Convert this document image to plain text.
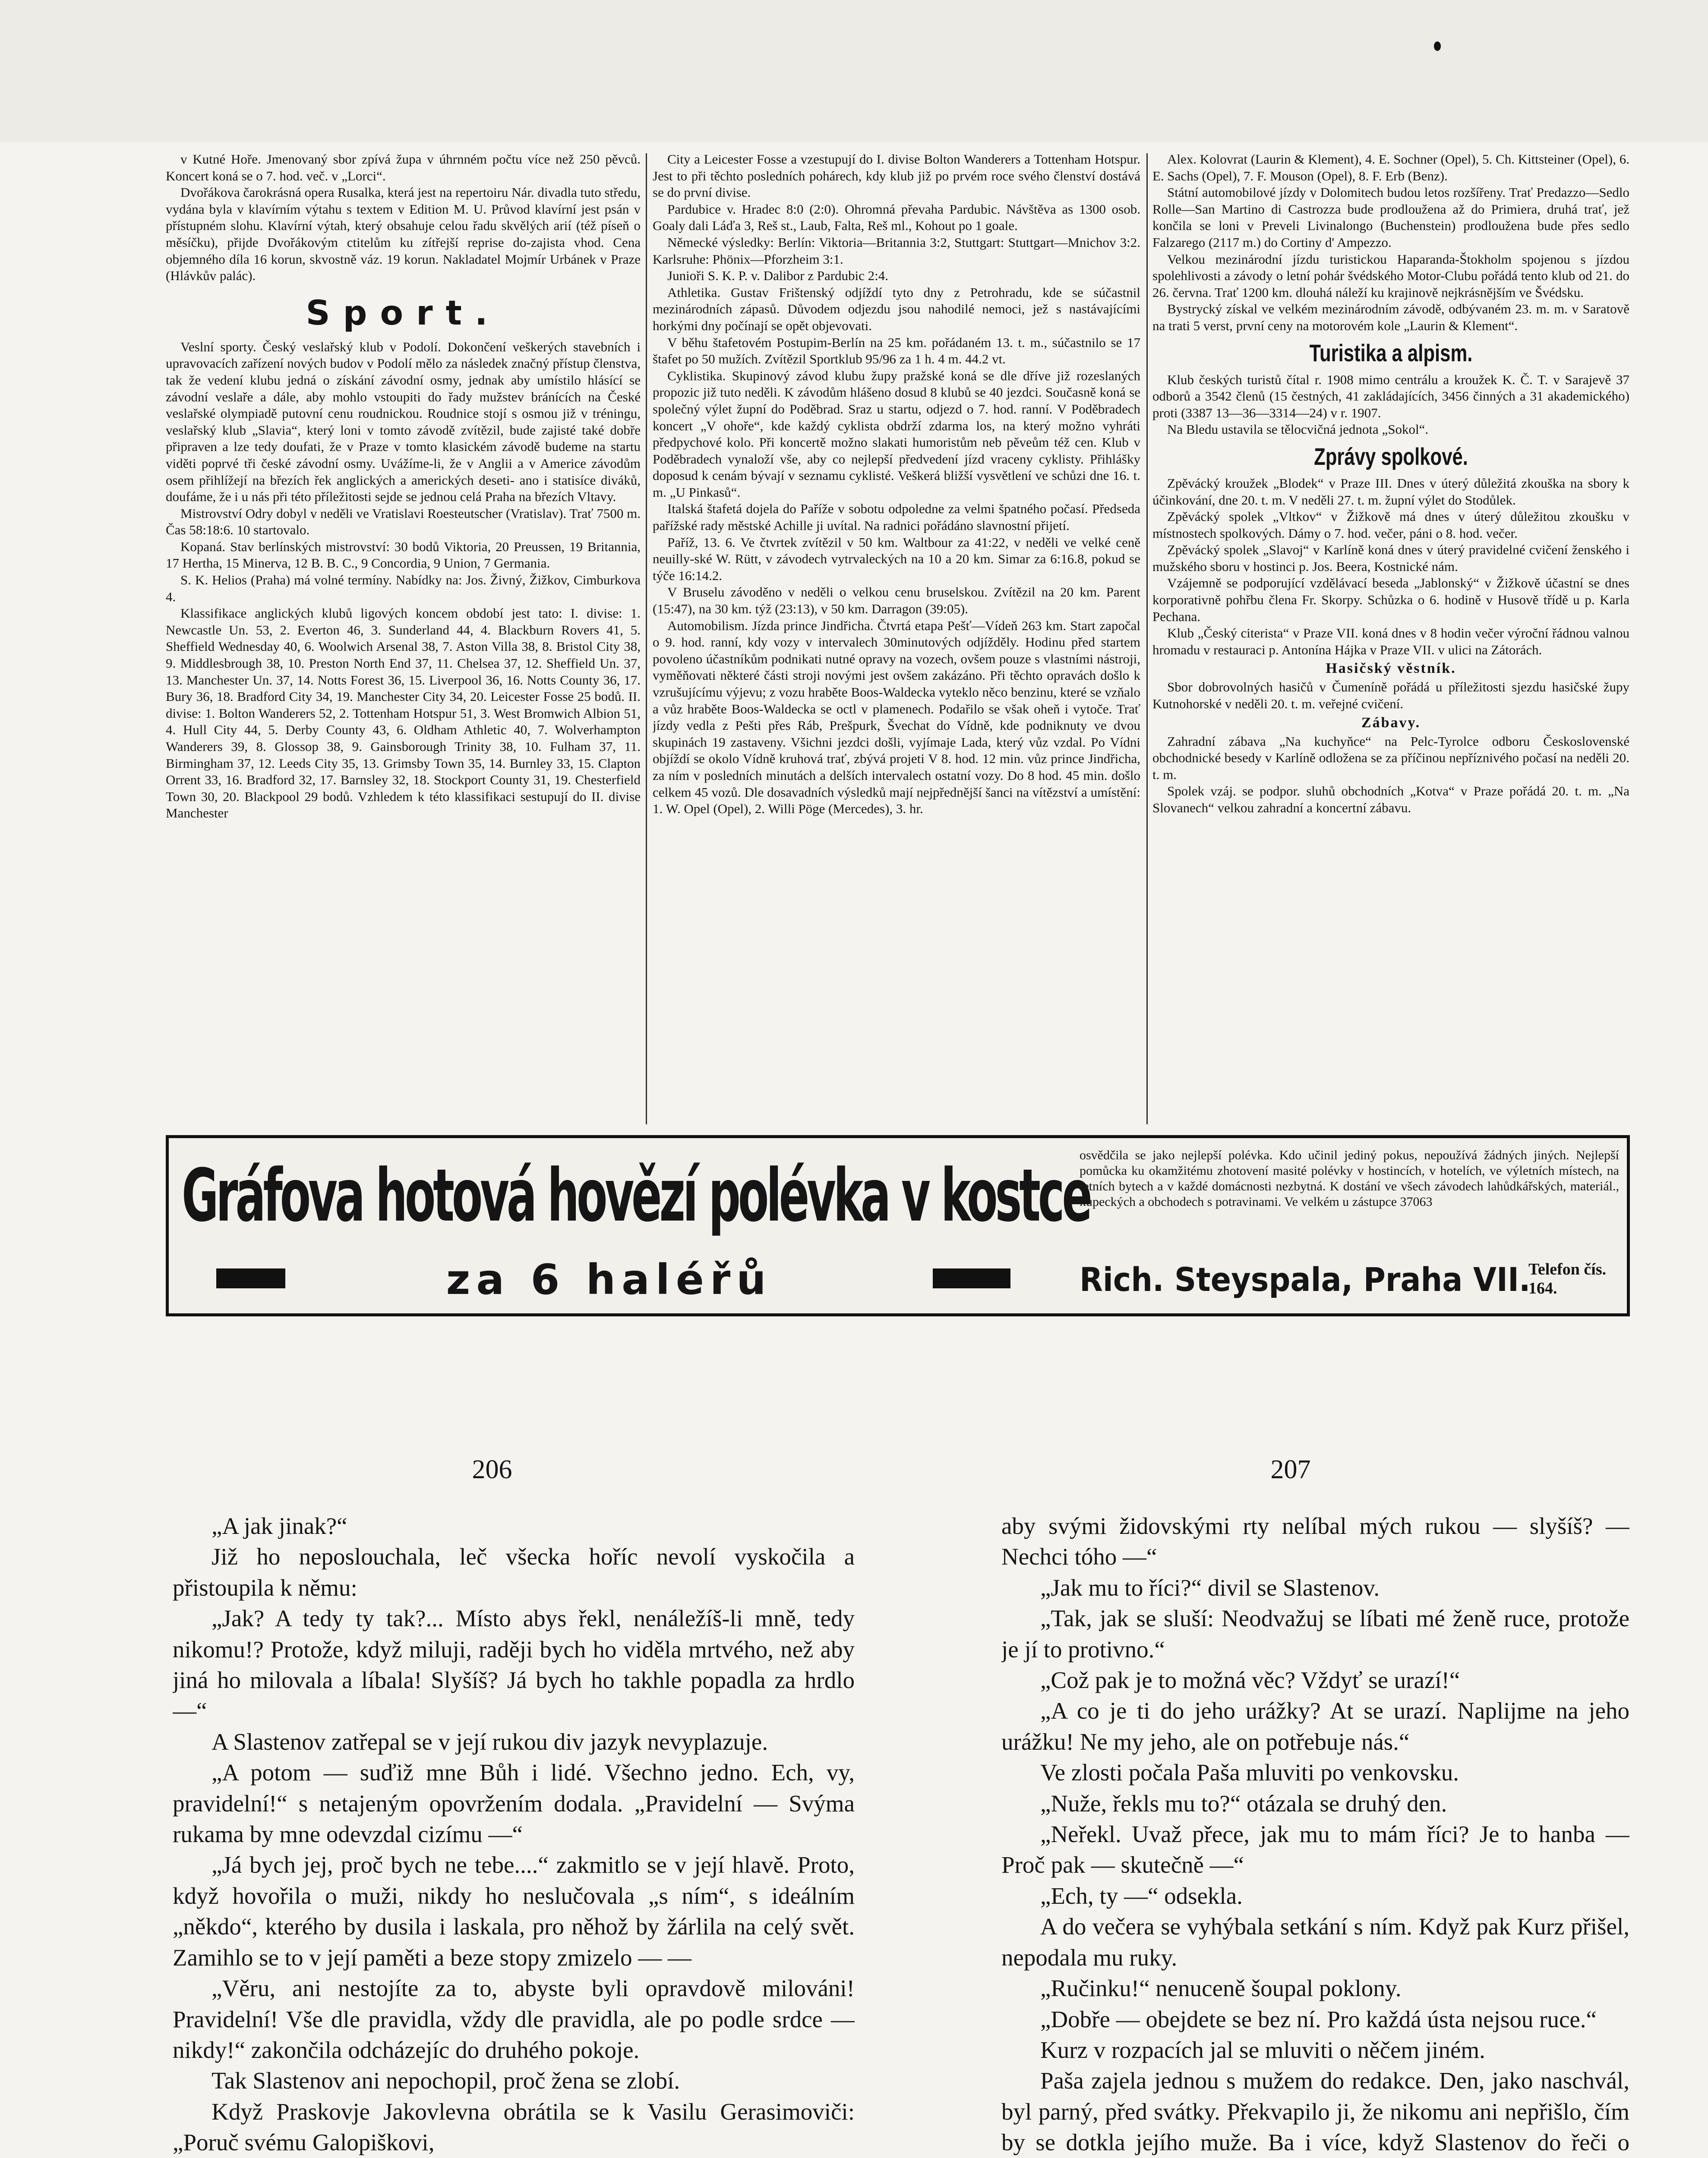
v Kutné Hoře. Jmenovaný sbor zpívá župa v úhrnném počtu více než 250 pěvců. Koncert koná se o 7. hod. več. v „Lorci“.

Dvořákova čarokrásná opera Rusalka, která jest na repertoiru Nár. divadla tuto středu, vydána byla v klavírním výtahu s textem v Edition M. U. Průvod klavírní jest psán v přístupném slohu. Klavírní výtah, který obsahuje celou řadu skvělých arií (též píseň o měsíčku), přijde Dvořákovým ctitelům ku zítřejší reprise do-zajista vhod. Cena objemného díla 16 korun, skvostně váz. 19 korun. Nakladatel Mojmír Urbánek v Praze (Hlávkův palác).

Sport.

Veslní sporty. Český veslařský klub v Podolí. Dokončení veškerých stavebních i upravovacích zařízení nových budov v Podolí mělo za následek značný přístup členstva, tak že vedení klubu jedná o získání závodní osmy, jednak aby umístilo hlásící se závodní veslaře a dále, aby mohlo vstoupiti do řady mužstev bránících na České veslařské olympiadě putovní cenu roudnickou. Roudnice stojí s osmou již v tréningu, veslařský klub „Slavia“, který loni v tomto závodě zvítězil, bude zajisté také dobře připraven a lze tedy doufati, že v Praze v tomto klasickém závodě budeme na startu viděti poprvé tři české závodní osmy. Uvážíme-li, že v Anglii a v Americe závodům osem přihlížejí na březích řek anglických a amerických deseti- ano i statisíce diváků, doufáme, že i u nás při této příležitosti sejde se jednou celá Praha na březích Vltavy.

Mistrovství Odry dobyl v neděli ve Vratislavi Roesteutscher (Vratislav). Trať 7500 m. Čas 58:18:6. 10 startovalo.

Kopaná. Stav berlínských mistrovství: 30 bodů Viktoria, 20 Preussen, 19 Britannia, 17 Hertha, 15 Minerva, 12 B. B. C., 9 Concordia, 9 Union, 7 Germania.

S. K. Helios (Praha) má volné termíny. Nabídky na: Jos. Živný, Žižkov, Cimburkova 4.

Klassifikace anglických klubů ligových koncem období jest tato: I. divise: 1. Newcastle Un. 53, 2. Everton 46, 3. Sunderland 44, 4. Blackburn Rovers 41, 5. Sheffield Wednesday 40, 6. Woolwich Arsenal 38, 7. Aston Villa 38, 8. Bristol City 38, 9. Middlesbrough 38, 10. Preston North End 37, 11. Chelsea 37, 12. Sheffield Un. 37, 13. Manchester Un. 37, 14. Notts Forest 36, 15. Liverpool 36, 16. Notts County 36, 17. Bury 36, 18. Bradford City 34, 19. Manchester City 34, 20. Leicester Fosse 25 bodů. II. divise: 1. Bolton Wanderers 52, 2. Tottenham Hotspur 51, 3. West Bromwich Albion 51, 4. Hull City 44, 5. Derby County 43, 6. Oldham Athletic 40, 7. Wolverhampton Wanderers 39, 8. Glossop 38, 9. Gainsborough Trinity 38, 10. Fulham 37, 11. Birmingham 37, 12. Leeds City 35, 13. Grimsby Town 35, 14. Burnley 33, 15. Clapton Orrent 33, 16. Bradford 32, 17. Barnsley 32, 18. Stockport County 31, 19. Chesterfield Town 30, 20. Blackpool 29 bodů. Vzhledem k této klassifikaci sestupují do II. divise Manchester

City a Leicester Fosse a vzestupují do I. divise Bolton Wanderers a Tottenham Hotspur. Jest to při těchto posledních pohárech, kdy klub již po prvém roce svého členství dostává se do první divise.

Pardubice v. Hradec 8:0 (2:0). Ohromná převaha Pardubic. Návštěva as 1300 osob. Goaly dali Láďa 3, Reš st., Laub, Falta, Reš ml., Kohout po 1 goale.

Německé výsledky: Berlín: Viktoria—Britannia 3:2, Stuttgart: Stuttgart—Mnichov 3:2. Karlsruhe: Phönix—Pforzheim 3:1.

Junioři S. K. P. v. Dalibor z Pardubic 2:4.

Athletika. Gustav Frištenský odjíždí tyto dny z Petrohradu, kde se súčastnil mezinárodních zápasů. Důvodem odjezdu jsou nahodilé nemoci, jež s nastávajícími horkými dny počínají se opět objevovati.

V běhu štafetovém Postupim-Berlín na 25 km. pořádaném 13. t. m., súčastnilo se 17 štafet po 50 mužích. Zvítězil Sportklub 95/96 za 1 h. 4 m. 44.2 vt.

Cyklistika. Skupinový závod klubu župy pražské koná se dle dříve již rozeslaných propozic již tuto neděli. K závodům hlášeno dosud 8 klubů se 40 jezdci. Současně koná se společný výlet župní do Poděbrad. Sraz u startu, odjezd o 7. hod. ranní. V Poděbradech koncert „V ohoře“, kde každý cyklista obdrží zdarma los, na který možno vyhráti předpychové kolo. Při koncertě možno slakati humoristům neb pěveům též cen. Klub v Poděbradech vynaloží vše, aby co nejlepší předvedení jízd vraceny cyklisty. Přihlášky doposud k cenám bývají v seznamu cyklisté. Veškerá bližší vysvětlení ve schůzi dne 16. t. m. „U Pinkasů“.

Italská štafetá dojela do Paříže v sobotu odpoledne za velmi špatného počasí. Předseda pařížské rady městské Achille ji uvítal. Na radnici pořádáno slavnostní přijetí.

Paříž, 13. 6. Ve čtvrtek zvítězil v 50 km. Waltbour za 41:22, v neděli ve velké ceně neuilly-ské W. Rütt, v závodech vytrvaleckých na 10 a 20 km. Simar za 6:16.8, pokud se týče 16:14.2.

V Bruselu závoděno v neděli o velkou cenu bruselskou. Zvítězil na 20 km. Parent (15:47), na 30 km. týž (23:13), v 50 km. Darragon (39:05).

Automobilism. Jízda prince Jindřicha. Čtvrtá etapa Pešť—Vídeň 263 km. Start započal o 9. hod. ranní, kdy vozy v intervalech 30minutových odjížděly. Hodinu před startem povoleno účastníkům podnikati nutné opravy na vozech, ovšem pouze s vlastními nástroji, vyměňovati některé části stroji novými jest ovšem zakázáno. Při těchto opravách došlo k vzrušujícímu výjevu; z vozu hraběte Boos-Waldecka vyteklo něco benzinu, které se vzňalo a vůz hraběte Boos-Waldecka se octl v plamenech. Podařilo se však oheň i vytoče. Trať jízdy vedla z Pešti přes Ráb, Prešpurk, Švechat do Vídně, kde podniknuty ve dvou skupinách 19 zastaveny. Všichni jezdci došli, vyjímaje Lada, který vůz vzdal. Po Vídni objíždí se okolo Vídně kruhová trať, zbývá projeti V 8. hod. 12 min. vůz prince Jindřicha, za ním v posledních minutách a delších intervalech ostatní vozy. Do 8 hod. 45 min. došlo celkem 45 vozů. Dle dosavadních výsledků mají nejpřednější šanci na vítězství a umístění: 1. W. Opel (Opel), 2. Willi Pöge (Mercedes), 3. hr.

Alex. Kolovrat (Laurin & Klement), 4. E. Sochner (Opel), 5. Ch. Kittsteiner (Opel), 6. E. Sachs (Opel), 7. F. Mouson (Opel), 8. F. Erb (Benz).

Státní automobilové jízdy v Dolomitech budou letos rozšířeny. Trať Predazzo—Sedlo Rolle—San Martino di Castrozza bude prodloužena až do Primiera, druhá trať, jež končila se loni v Preveli Livinalongo (Buchenstein) prodloužena bude přes sedlo Falzarego (2117 m.) do Cortiny d' Ampezzo.

Velkou mezinárodní jízdu turistickou Haparanda-Štokholm spojenou s jízdou spolehlivosti a závody o letní pohár švédského Motor-Clubu pořádá tento klub od 21. do 26. června. Trať 1200 km. dlouhá náleží ku krajinově nejkrásnějším ve Švédsku.

Bystrycký získal ve velkém mezinárodním závodě, odbývaném 23. m. m. v Saratově na trati 5 verst, první ceny na motorovém kole „Laurin & Klement“.

Turistika a alpism.

Klub českých turistů čítal r. 1908 mimo centrálu a kroužek K. Č. T. v Sarajevě 37 odborů a 3542 členů (15 čestných, 41 zakládajících, 3456 činných a 31 akademického) proti (3387 13—36—3314—24) v r. 1907.

Na Bledu ustavila se tělocvičná jednota „Sokol“.

Zprávy spolkové.

Zpěvácký kroužek „Blodek“ v Praze III. Dnes v úterý důležitá zkouška na sbory k účinkování, dne 20. t. m. V neděli 27. t. m. župní výlet do Stodůlek.

Zpěvácký spolek „Vltkov“ v Žižkově má dnes v úterý důležitou zkoušku v místnostech spolkových. Dámy o 7. hod. večer, páni o 8. hod. večer.

Zpěvácký spolek „Slavoj“ v Karlíně koná dnes v úterý pravidelné cvičení ženského i mužského sboru v hostinci p. Jos. Beera, Kostnické nám.

Vzájemně se podporující vzdělávací beseda „Jablonský“ v Žižkově účastní se dnes korporativně pohřbu člena Fr. Skorpy. Schůzka o 6. hodině v Husově třídě u p. Karla Pechana.

Klub „Český citerista“ v Praze VII. koná dnes v 8 hodin večer výroční řádnou valnou hromadu v restauraci p. Antonína Hájka v Praze VII. v ulici na Zátorách.

Hasičský věstník.

Sbor dobrovolných hasičů v Čumeníně pořádá u příležitosti sjezdu hasičské župy Kutnohorské v neděli 20. t. m. veřejné cvičení.

Zábavy.

Zahradní zábava „Na kuchyňce“ na Pelc-Tyrolce odboru Československé obchodnické besedy v Karlíně odložena se za příčinou nepříznivého počasí na neděli 20. t. m.

Spolek vzáj. se podpor. sluhů obchodních „Kotva“ v Praze pořádá 20. t. m. „Na Slovanech“ velkou zahradní a koncertní zábavu.

Gráfova hotová hovězí polévka v kostce
za 6 haléřů
osvědčila se jako nejlepší polévka. Kdo učinil jediný pokus, nepoužívá žádných jiných. Nejlepší pomůcka ku okamžitému zhotovení masité polévky v hostincích, v hotelích, ve výletních místech, na letních bytech a v každé domácnosti nezbytná. K dostání ve všech závodech lahůdkářských, materiál., kupeckých a obchodech s potravinami. Ve velkém u zástupce 37063
Rich. Steyspala, Praha VII.
Telefon čís. 164.
206	207

„A jak jinak?“

Již ho neposlouchala, leč všecka hoříc nevolí vyskočila a přistoupila k němu:

„Jak? A tedy ty tak?... Místo abys řekl, nenáležíš-li mně, tedy nikomu!? Protože, když miluji, raději bych ho viděla mrtvého, než aby jiná ho milovala a líbala! Slyšíš? Já bych ho takhle popadla za hrdlo —“

A Slastenov zatřepal se v její rukou div jazyk nevyplazuje.

„A potom — suďiž mne Bůh i lidé. Všechno jedno. Ech, vy, pravidelní!“ s netajeným opovržením dodala. „Pravidelní — Svýma rukama by mne odevzdal cizímu —“

„Já bych jej, proč bych ne tebe....“ zakmitlo se v její hlavě. Proto, když hovořila o muži, nikdy ho neslučovala „s ním“, s ideálním „někdo“, kterého by dusila i laskala, pro něhož by žárlila na celý svět. Zamihlo se to v její paměti a beze stopy zmizelo — —

„Věru, ani nestojíte za to, abyste byli opravdově milováni! Pravidelní! Vše dle pravidla, vždy dle pravidla, ale po podle srdce — nikdy!“ zakončila odcházejíc do druhého pokoje.

Tak Slastenov ani nepochopil, proč žena se zlobí.

Když Praskovje Jakovlevna obrátila se k Vasilu Gerasimoviči: „Poruč svému Galopiškovi,

aby svými židovskými rty nelíbal mých rukou — slyšíš? — Nechci tóho —“

„Jak mu to říci?“ divil se Slastenov.

„Tak, jak se sluší: Neodvažuj se líbati mé ženě ruce, protože je jí to protivno.“

„Což pak je to možná věc? Vždyť se urazí!“

„A co je ti do jeho urážky? At se urazí. Naplijme na jeho urážku! Ne my jeho, ale on potřebuje nás.“

Ve zlosti počala Paša mluviti po venkovsku.

„Nuže, řekls mu to?“ otázala se druhý den.

„Neřekl. Uvaž přece, jak mu to mám říci? Je to hanba — Proč pak — skutečně —“

„Ech, ty —“ odsekla.

A do večera se vyhýbala setkání s ním. Když pak Kurz přišel, nepodala mu ruky.

„Ručinku!“ nenuceně šoupal poklony.

„Dobře — obejdete se bez ní. Pro každá ústa nejsou ruce.“

Kurz v rozpacích jal se mluviti o něčem jiném.

Paša zajela jednou s mužem do redakce. Den, jako naschvál, byl parný, před svátky. Překvapilo ji, že nikomu ani nepřišlo, čím by se dotkla jejího muže. Ba i více, když Slastenov do řeči o
